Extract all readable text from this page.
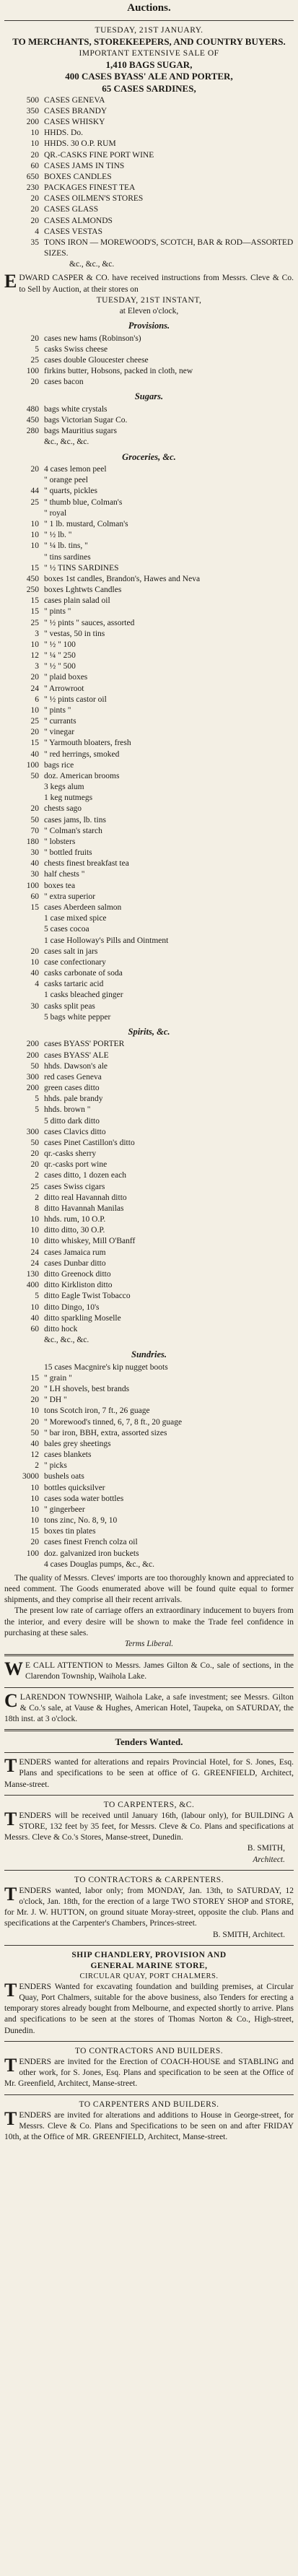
Auctions.
TUESDAY, 21ST JANUARY.
TO MERCHANTS, STOREKEEPERS, AND COUNTRY BUYERS.
IMPORTANT EXTENSIVE SALE OF
1,410 BAGS SUGAR,
400 CASES BYASS' ALE AND PORTER,
65 CASES SARDINES,
500 CASES GENEVA
350 CASES BRANDY
200 CASES WHISKY
10 HHDS. Do.
10 HHDS. 30 O.P. RUM
20 QR.-CASKS FINE PORT WINE
60 CASES JAMS IN TINS
650 BOXES CANDLES
230 PACKAGES FINEST TEA
20 CASES OILMEN'S STORES
20 CASES GLASS
20 CASES ALMONDS
4 CASES VESTAS
35 TONS IRON — MOREWOOD'S, SCOTCH, BAR & ROD—ASSORTED SIZES.
&c., &c., &c.

EDWARD CASPER & CO. have received instructions from Messrs. Cleve & Co. to Sell by Auction, at their stores on

TUESDAY, 21ST INSTANT,
at Eleven o'clock,
Provisions.
20 cases new hams (Robinson's)
5 casks Swiss cheese
25 cases double Gloucester cheese
100 firkins butter, Hobsons, packed in cloth, new
20 cases bacon
Sugars.
480 bags white crystals
450 bags Victorian Sugar Co.
280 bags Mauritius sugars
&c., &c., &c.
Groceries, &c.
20 4 cases lemon peel
" orange peel
44 " quarts, pickles
25 " thumb blue, Colman's
" royal
10 " 1 lb. mustard, Colman's
10 " ½ lb. "
10 " ¼ lb. tins, "
" tins sardines
15 " ½ TINS SARDINES
450 boxes 1st candles, Brandon's, Hawes and Neva
250 boxes Lghtwts Candles
15 cases plain salad oil
15 " pints "
25 " ½ pints " sauces, assorted
3 " vestas, 50 in tins
10 " ½ " 100
12 " ¼ " 250
3 " ½ " 500
20 " plaid boxes
24 " Arrowroot
6 " ½ pints castor oil
10 " pints "
25 " currants
20 " vinegar
15 " Yarmouth bloaters, fresh
40 " red herrings, smoked
100 bags rice
50 doz. American brooms
3 kegs alum
1 keg nutmegs
20 chests sago
50 cases jams, lb. tins
70 " Colman's starch
180 " lobsters
30 " bottled fruits
40 chests finest breakfast tea
30 half chests "
100 boxes tea
60 " extra superior
15 cases Aberdeen salmon
1 case mixed spice
5 cases cocoa
1 case Holloway's Pills and Ointment
20 cases salt in jars
10 case confectionary
40 casks carbonate of soda
4 casks tartaric acid
1 casks bleached ginger
30 casks split peas
5 bags white pepper
Spirits, &c.
200 cases BYASS' PORTER
200 cases BYASS' ALE
50 hhds. Dawson's ale
300 red cases Geneva
200 green cases ditto
5 hhds. pale brandy
5 hhds. brown "
5 ditto dark ditto
300 cases Clavics ditto
50 cases Pinet Castillon's ditto
20 qr.-casks sherry
20 qr.-casks port wine
2 cases ditto, 1 dozen each
25 cases Swiss cigars
2 ditto real Havannah ditto
8 ditto Havannah Manilas
10 hhds. rum, 10 O.P.
10 ditto ditto, 30 O.P.
10 ditto whiskey, Mill O'Banff
24 cases Jamaica rum
24 cases Dunbar ditto
130 ditto Greenock ditto
400 ditto Kirkliston ditto
5 ditto Eagle Twist Tobacco
10 ditto Dingo, 10's
40 ditto sparkling Moselle
60 ditto hock
&c., &c., &c.
Sundries.
15 cases Macgnire's kip nugget boots
15 " grain "
20 " LH shovels, best brands
20 " DH "
10 tons Scotch iron, 7 ft., 26 guage
20 " Morewood's tinned, 6, 7, 8 ft., 20 guage
50 " bar iron, BBH, extra, assorted sizes
40 bales grey sheetings
12 cases blankets
2 " picks
3000 bushels oats
10 bottles quicksilver
10 cases soda water bottles
10 " gingerbeer
10 tons zinc, No. 8, 9, 10
15 boxes tin plates
20 cases finest French colza oil
100 doz. galvanized iron buckets
4 cases Douglas pumps, &c., &c.

The quality of Messrs. Cleves' imports are too thoroughly known and appreciated to need comment. The Goods enumerated above will be found quite equal to former shipments, and they comprise all their recent arrivals.

The present low rate of carriage offers an extraordinary inducement to buyers from the interior, and every desire will be shown to make the Trade feel confidence in purchasing at these sales.

Terms Liberal.

W E CALL ATTENTION to Messrs. James Gilton & Co., sale of sections, in the Clarendon Township, Waihola Lake.

CLARENDON TOWNSHIP, Waihola Lake, a safe investment; see Messrs. Gilton & Co.'s sale, at Vause & Hughes, American Hotel, Taupeka, on SATURDAY, the 18th inst. at 3 o'clock.

Tenders Wanted.

TENDERS wanted for alterations and repairs Provincial Hotel, for S. Jones, Esq. Plans and specifications to be seen at office of G. GREENFIELD, Architect, Manse-street.

TO CARPENTERS, &C.

TENDERS will be received until January 16th, (labour only), for BUILDING A STORE, 132 feet by 35 feet, for Messrs. Cleve & Co. Plans and specifications at Messrs. Cleve & Co.'s Stores, Manse-street, Dunedin.

B. SMITH,
Architect.
TO CONTRACTORS & CARPENTERS.

TENDERS wanted, labor only; from MONDAY, Jan. 13th, to SATURDAY, 12 o'clock, Jan. 18th, for the erection of a large TWO STOREY SHOP and STORE, for Mr. J. W. HUTTON, on ground situate Moray-street, opposite the club. Plans and specifications at the Carpenter's Chambers, Princes-street.

B. SMITH, Architect.
SHIP CHANDLERY, PROVISION AND
GENERAL MARINE STORE,
CIRCULAR QUAY, PORT CHALMERS.

TENDERS Wanted for excavating foundation and building premises, at Circular Quay, Port Chalmers, suitable for the above business, also Tenders for erecting a temporary stores already bought from Melbourne, and expected shortly to arrive. Plans and specifications to be seen at the stores of Thomas Norton & Co., High-street, Dunedin.

TO CONTRACTORS AND BUILDERS.

TENDERS are invited for the Erection of COACH-HOUSE and STABLING and other work, for S. Jones, Esq. Plans and specification to be seen at the Office of Mr. Greenfield, Architect, Manse-street.

TO CARPENTERS AND BUILDERS.

TENDERS are invited for alterations and additions to House in George-street, for Messrs. Cleve & Co. Plans and Specifications to be seen on and after FRIDAY 10th, at the Office of MR. GREENFIELD, Architect, Manse-street.
